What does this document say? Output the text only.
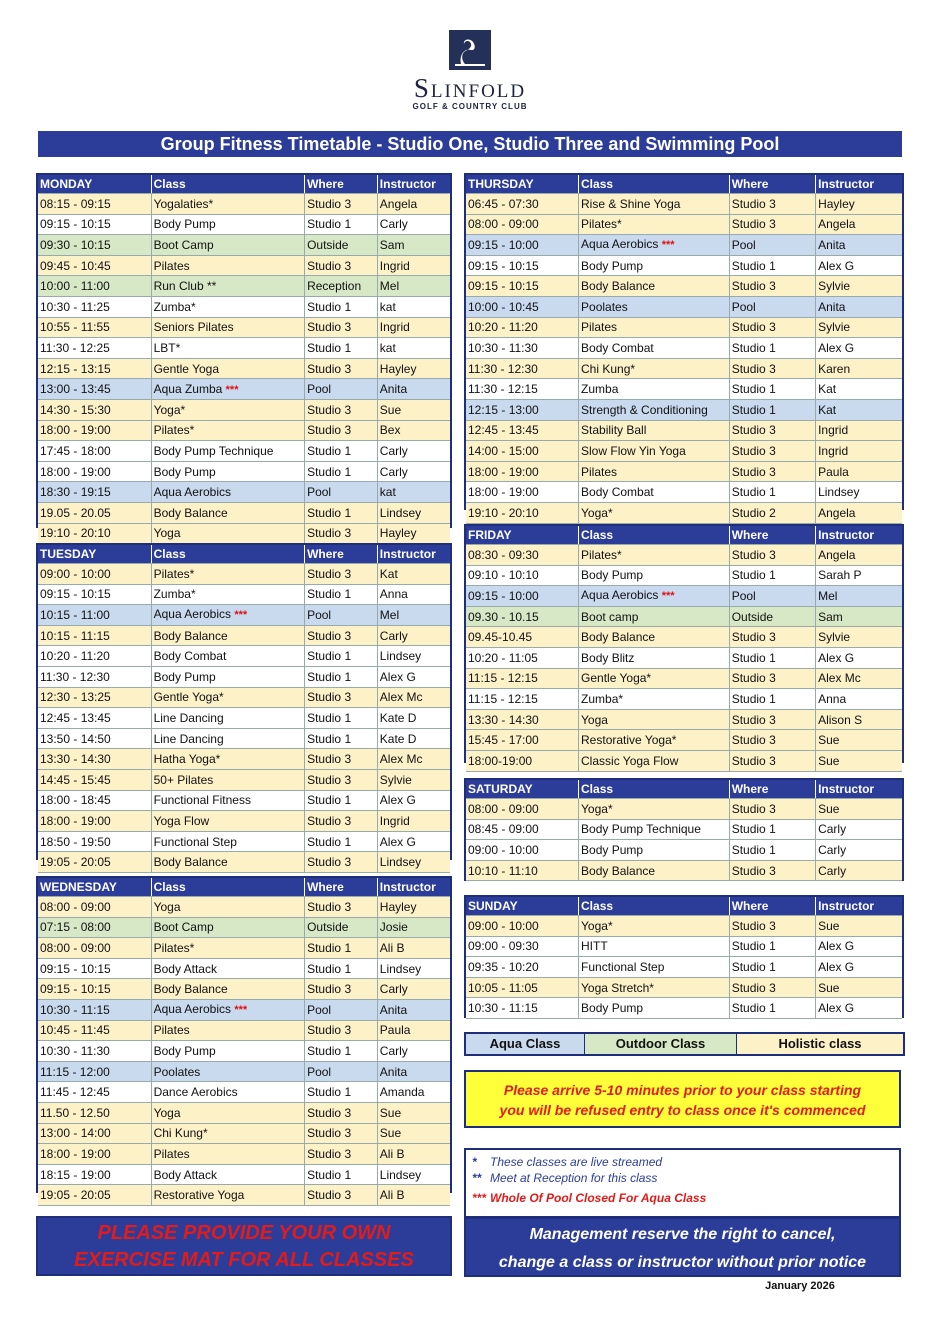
Slinfold
GOLF & COUNTRY CLUB
Group Fitness Timetable - Studio One, Studio Three and Swimming Pool
MONDAY	Class	Where	Instructor
08:15 - 09:15	Yogalaties*	Studio 3	Angela
09:15 - 10:15	Body Pump	Studio 1	Carly
09:30 - 10:15	Boot Camp	Outside	Sam
09:45 - 10:45	Pilates	Studio 3	Ingrid
10:00 - 11:00	Run Club **	Reception	Mel
10:30 - 11:25	Zumba*	Studio 1	kat
10:55 - 11:55	Seniors Pilates	Studio 3	Ingrid
11:30 - 12:25	LBT*	Studio 1	kat
12:15 - 13:15	Gentle Yoga	Studio 3	Hayley
13:00 - 13:45	Aqua Zumba ***	Pool	Anita
14:30 - 15:30	Yoga*	Studio 3	Sue
18:00 - 19:00	Pilates*	Studio 3	Bex
17:45 - 18:00	Body Pump Technique	Studio 1	Carly
18:00 - 19:00	Body Pump	Studio 1	Carly
18:30 - 19:15	Aqua Aerobics	Pool	kat
19.05 - 20.05	Body Balance	Studio 1	Lindsey
19:10 - 20:10	Yoga	Studio 3	Hayley
TUESDAY	Class	Where	Instructor
09:00 - 10:00	Pilates*	Studio 3	Kat
09:15 - 10:15	Zumba*	Studio 1	Anna
10:15 - 11:00	Aqua Aerobics ***	Pool	Mel
10:15 - 11:15	Body Balance	Studio 3	Carly
10:20 - 11:20	Body Combat	Studio 1	Lindsey
11:30 - 12:30	Body Pump	Studio 1	Alex G
12:30 - 13:25	Gentle Yoga*	Studio 3	Alex Mc
12:45 - 13:45	Line Dancing	Studio 1	Kate D
13:50 - 14:50	Line Dancing	Studio 1	Kate D
13:30 - 14:30	Hatha Yoga*	Studio 3	Alex Mc
14:45 - 15:45	50+ Pilates	Studio 3	Sylvie
18:00 - 18:45	Functional Fitness	Studio 1	Alex G
18:00 - 19:00	Yoga Flow	Studio 3	Ingrid
18:50 - 19:50	Functional Step	Studio 1	Alex G
19:05 - 20:05	Body Balance	Studio 3	Lindsey
WEDNESDAY	Class	Where	Instructor
08:00 - 09:00	Yoga	Studio 3	Hayley
07:15 - 08:00	Boot Camp	Outside	Josie
08:00 - 09:00	Pilates*	Studio 1	Ali B
09:15 - 10:15	Body Attack	Studio 1	Lindsey
09:15 - 10:15	Body Balance	Studio 3	Carly
10:30 - 11:15	Aqua Aerobics ***	Pool	Anita
10:45 - 11:45	Pilates	Studio 3	Paula
10:30 - 11:30	Body Pump	Studio 1	Carly
11:15 - 12:00	Poolates	Pool	Anita
11:45 - 12:45	Dance Aerobics	Studio 1	Amanda
11.50 - 12.50	Yoga	Studio 3	Sue
13:00 - 14:00	Chi Kung*	Studio 3	Sue
18:00 - 19:00	Pilates	Studio 3	Ali B
18:15 - 19:00	Body Attack	Studio 1	Lindsey
19:05 - 20:05	Restorative Yoga	Studio 3	Ali B
THURSDAY	Class	Where	Instructor
06:45 - 07:30	Rise & Shine Yoga	Studio 3	Hayley
08:00 - 09:00	Pilates*	Studio 3	Angela
09:15 - 10:00	Aqua Aerobics ***	Pool	Anita
09:15 - 10:15	Body Pump	Studio 1	Alex G
09:15 - 10:15	Body Balance	Studio 3	Sylvie
10:00 - 10:45	Poolates	Pool	Anita
10:20 - 11:20	Pilates	Studio 3	Sylvie
10:30 - 11:30	Body Combat	Studio 1	Alex G
11:30 - 12:30	Chi Kung*	Studio 3	Karen
11:30 - 12:15	Zumba	Studio 1	Kat
12:15 - 13:00	Strength & Conditioning	Studio 1	Kat
12:45 - 13:45	Stability Ball	Studio 3	Ingrid
14:00 - 15:00	Slow Flow Yin Yoga	Studio 3	Ingrid
18:00 - 19:00	Pilates	Studio 3	Paula
18:00 - 19:00	Body Combat	Studio 1	Lindsey
19:10 - 20:10	Yoga*	Studio 2	Angela
FRIDAY	Class	Where	Instructor
08:30 - 09:30	Pilates*	Studio 3	Angela
09:10 - 10:10	Body Pump	Studio 1	Sarah P
09:15 - 10:00	Aqua Aerobics ***	Pool	Mel
09.30 - 10.15	Boot camp	Outside	Sam
09.45-10.45	Body Balance	Studio 3	Sylvie
10:20 - 11:05	Body Blitz	Studio 1	Alex G
11:15 - 12:15	Gentle Yoga*	Studio 3	Alex Mc
11:15 - 12:15	Zumba*	Studio 1	Anna
13:30 - 14:30	Yoga	Studio 3	Alison S
15:45 - 17:00	Restorative Yoga*	Studio 3	Sue
18:00-19:00	Classic Yoga Flow	Studio 3	Sue
SATURDAY	Class	Where	Instructor
08:00 - 09:00	Yoga*	Studio 3	Sue
08:45 - 09:00	Body Pump Technique	Studio 1	Carly
09:00 - 10:00	Body Pump	Studio 1	Carly
10:10 - 11:10	Body Balance	Studio 3	Carly
SUNDAY	Class	Where	Instructor
09:00 - 10:00	Yoga*	Studio 3	Sue
09:00 - 09:30	HITT	Studio 1	Alex G
09:35 - 10:20	Functional Step	Studio 1	Alex G
10:05 - 11:05	Yoga Stretch*	Studio 3	Sue
10:30 - 11:15	Body Pump	Studio 1	Alex G
Aqua Class	Outdoor Class	Holistic class
Please arrive 5-10 minutes prior to your class starting
you will be refused entry to class once it's commenced
* These classes are live streamed
** Meet at Reception for this class
*** Whole Of Pool Closed For Aqua Class
PLEASE PROVIDE YOUR OWN
EXERCISE MAT FOR ALL CLASSES
Management reserve the right to cancel,
change a class or instructor without prior notice
January 2026
